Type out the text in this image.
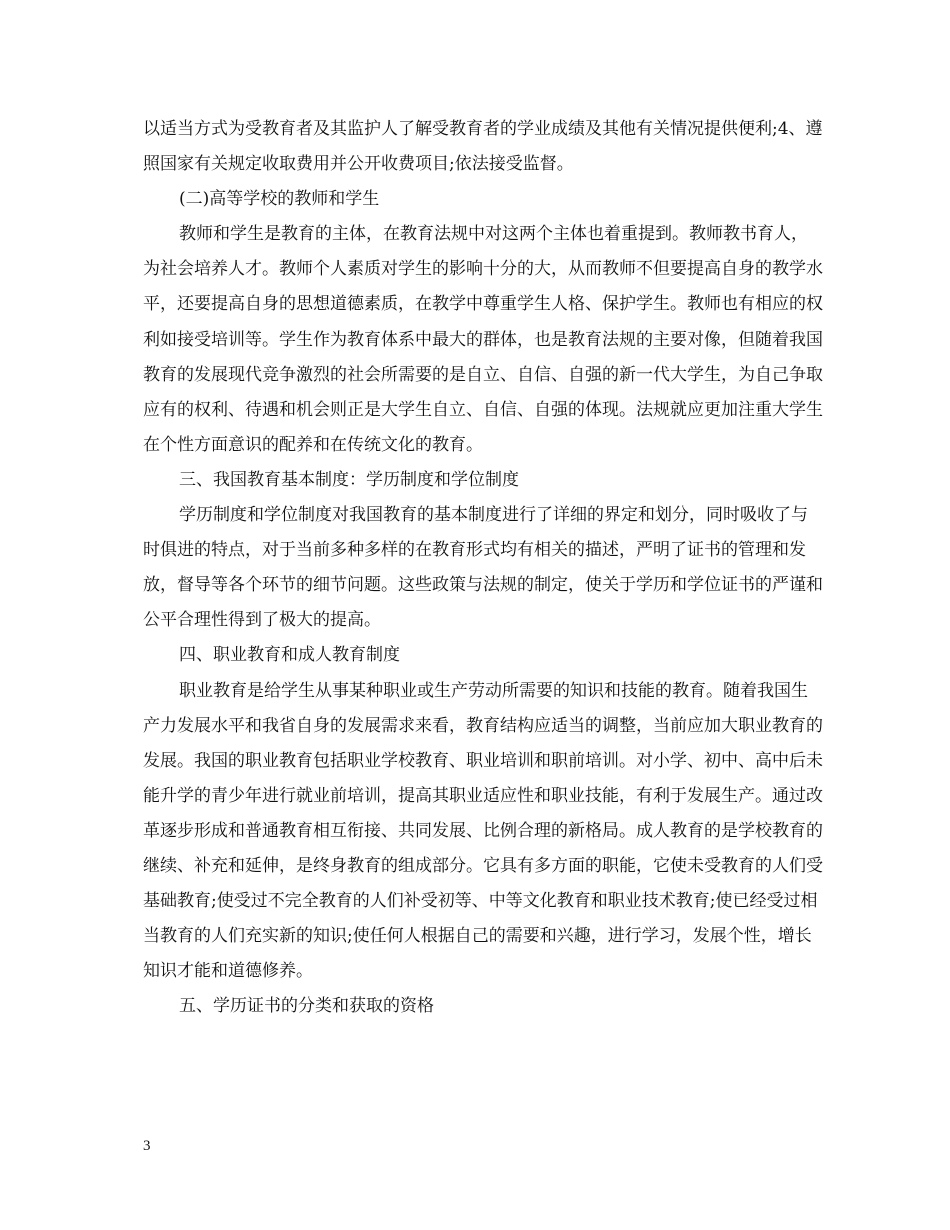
以适当方式为受教育者及其监护人了解受教育者的学业成绩及其他有关情况提供便利;4、遵照国家有关规定收取费用并公开收费项目;依法接受监督。

(二)高等学校的教师和学生

教师和学生是教育的主体，在教育法规中对这两个主体也着重提到。教师教书育人，为社会培养人才。教师个人素质对学生的影响十分的大，从而教师不但要提高自身的教学水平，还要提高自身的思想道德素质，在教学中尊重学生人格、保护学生。教师也有相应的权利如接受培训等。学生作为教育体系中最大的群体，也是教育法规的主要对像，但随着我国教育的发展现代竞争激烈的社会所需要的是自立、自信、自强的新一代大学生，为自己争取应有的权利、待遇和机会则正是大学生自立、自信、自强的体现。法规就应更加注重大学生在个性方面意识的配养和在传统文化的教育。

三、我国教育基本制度：学历制度和学位制度

学历制度和学位制度对我国教育的基本制度进行了详细的界定和划分，同时吸收了与时俱进的特点，对于当前多种多样的在教育形式均有相关的描述，严明了证书的管理和发放，督导等各个环节的细节问题。这些政策与法规的制定，使关于学历和学位证书的严谨和公平合理性得到了极大的提高。

四、职业教育和成人教育制度

职业教育是给学生从事某种职业或生产劳动所需要的知识和技能的教育。随着我国生产力发展水平和我省自身的发展需求来看，教育结构应适当的调整，当前应加大职业教育的发展。我国的职业教育包括职业学校教育、职业培训和职前培训。对小学、初中、高中后未能升学的青少年进行就业前培训，提高其职业适应性和职业技能，有利于发展生产。通过改革逐步形成和普通教育相互衔接、共同发展、比例合理的新格局。成人教育的是学校教育的继续、补充和延伸，是终身教育的组成部分。它具有多方面的职能，它使未受教育的人们受基础教育;使受过不完全教育的人们补受初等、中等文化教育和职业技术教育;使已经受过相当教育的人们充实新的知识;使任何人根据自己的需要和兴趣，进行学习，发展个性，增长知识才能和道德修养。

五、学历证书的分类和获取的资格

3
